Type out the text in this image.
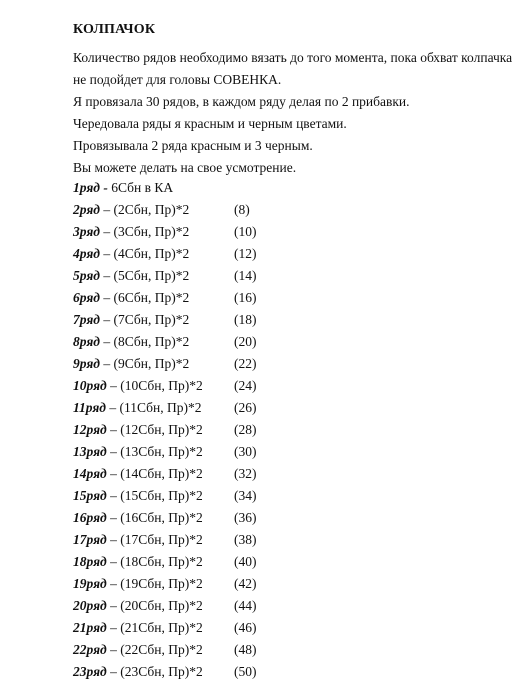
КОЛПАЧОК
Количество рядов необходимо вязать до того момента, пока обхват колпачка
не подойдет для головы СОВЕНКА.
Я провязала 30 рядов, в каждом ряду делая по 2 прибавки.
Чередовала ряды я красным и черным цветами.
Провязывала 2 ряда красным и 3 черным.
Вы можете делать на свое усмотрение.
1ряд - 6Сбн в КА
2ряд – (2Сбн, Пр)*2	(8)
3ряд – (3Сбн, Пр)*2	(10)
4ряд – (4Сбн, Пр)*2	(12)
5ряд – (5Сбн, Пр)*2	(14)
6ряд – (6Сбн, Пр)*2	(16)
7ряд – (7Сбн, Пр)*2	(18)
8ряд – (8Сбн, Пр)*2	(20)
9ряд – (9Сбн, Пр)*2	(22)
10ряд – (10Сбн, Пр)*2 (24)
11ряд – (11Сбн, Пр)*2 (26)
12ряд – (12Сбн, Пр)*2 (28)
13ряд – (13Сбн, Пр)*2 (30)
14ряд – (14Сбн, Пр)*2 (32)
15ряд – (15Сбн, Пр)*2 (34)
16ряд – (16Сбн, Пр)*2 (36)
17ряд – (17Сбн, Пр)*2 (38)
18ряд – (18Сбн, Пр)*2 (40)
19ряд – (19Сбн, Пр)*2 (42)
20ряд – (20Сбн, Пр)*2 (44)
21ряд – (21Сбн, Пр)*2 (46)
22ряд – (22Сбн, Пр)*2 (48)
23ряд – (23Сбн, Пр)*2 (50)
